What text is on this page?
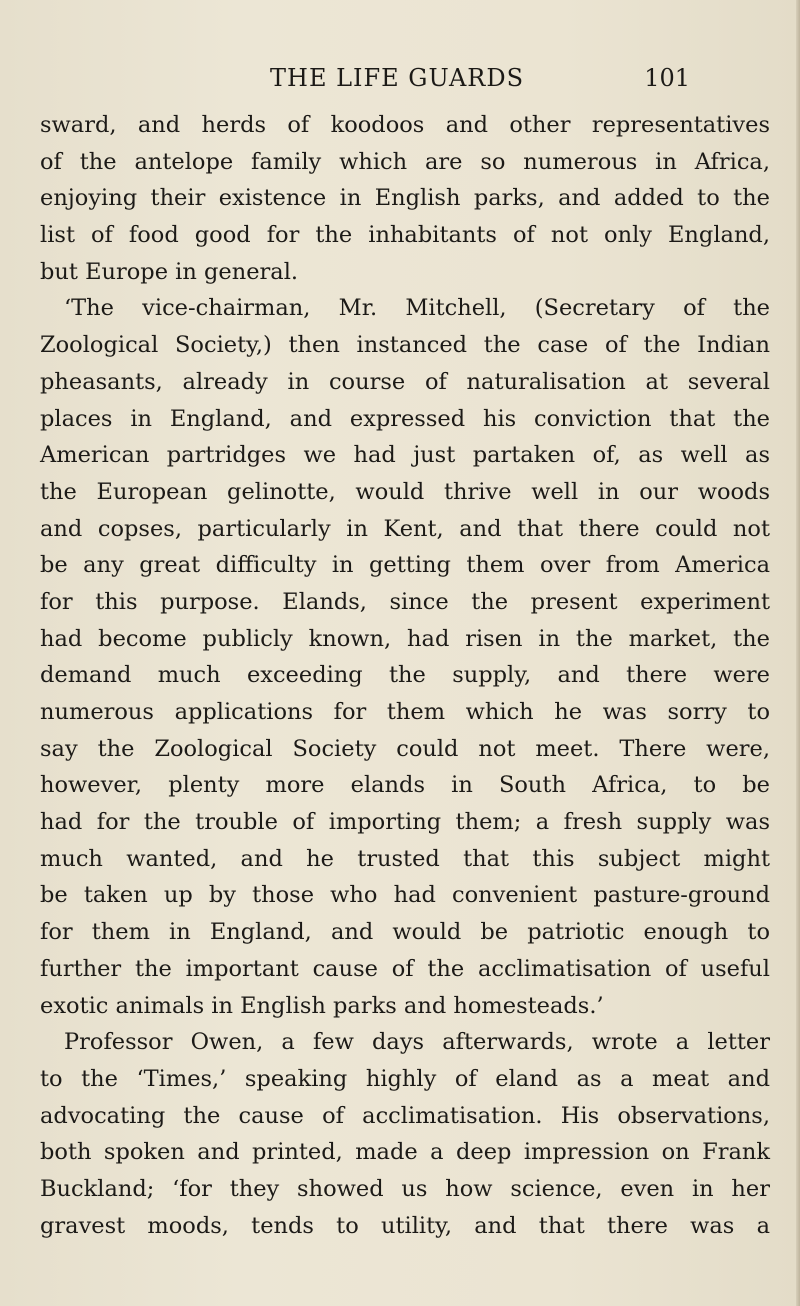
THE LIFE GUARDS	101
sward, and herds of koodoos and other representatives
of the antelope family which are so numerous in Africa,
enjoying their existence in English parks, and added to the
list of food good for the inhabitants of not only England,
but Europe in general.
‘The vice-chairman, Mr. Mitchell, (Secretary of the
Zoological Society,) then instanced the case of the Indian
pheasants, already in course of naturalisation at several
places in England, and expressed his conviction that the
American partridges we had just partaken of, as well as
the European gelinotte, would thrive well in our woods
and copses, particularly in Kent, and that there could not
be any great difficulty in getting them over from America
for this purpose. Elands, since the present experiment
had become publicly known, had risen in the market, the
demand much exceeding the supply, and there were
numerous applications for them which he was sorry to
say the Zoological Society could not meet. There were,
however, plenty more elands in South Africa, to be
had for the trouble of importing them; a fresh supply was
much wanted, and he trusted that this subject might
be taken up by those who had convenient pasture-ground
for them in England, and would be patriotic enough to
further the important cause of the acclimatisation of useful
exotic animals in English parks and homesteads.’
Professor Owen, a few days afterwards, wrote a letter
to the ‘Times,’ speaking highly of eland as a meat and
advocating the cause of acclimatisation. His observations,
both spoken and printed, made a deep impression on Frank
Buckland; ‘for they showed us how science, even in her
gravest moods, tends to utility, and that there was a
